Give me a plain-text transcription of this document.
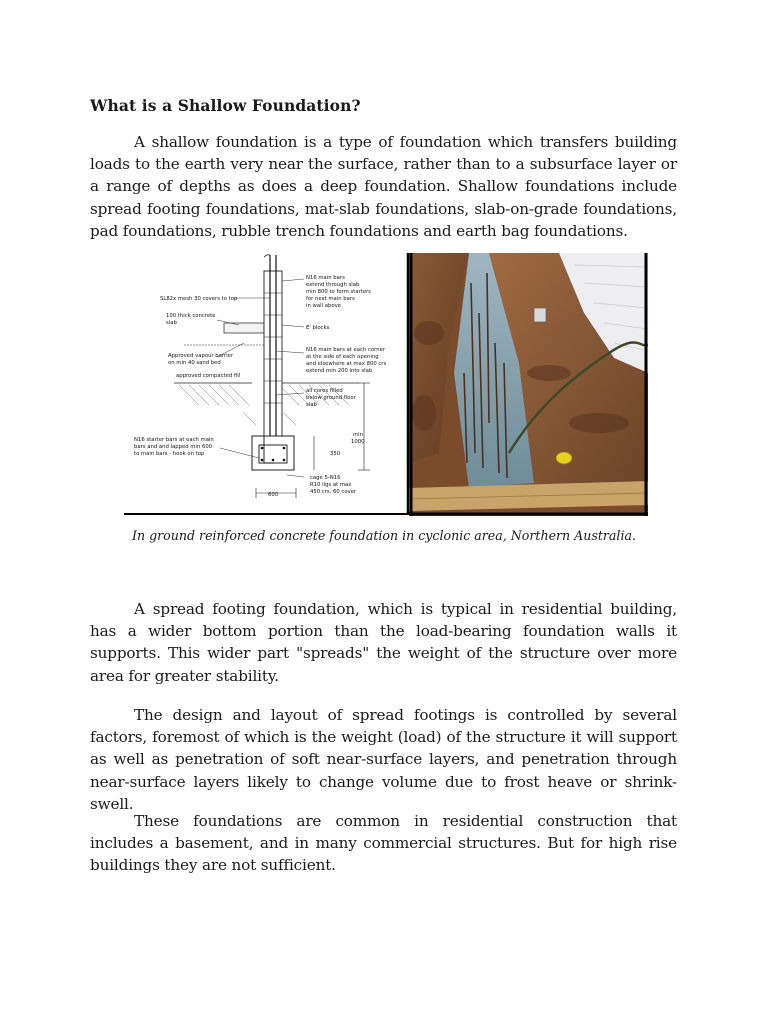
What is a Shallow Foundation?

A shallow foundation is a type of foundation which transfers building loads to the earth very near the surface, rather than to a subsurface layer or a range of depths as does a deep foundation. Shallow foundations include spread footing foundations, mat-slab foundations, slab-on-grade foundations, pad foundations, rubble trench foundations and earth bag foundations.

SL82x mesh 30 covers to top
100 thick concrete
slab
Approved vapour barrier
on min 40 sand bed
approved compacted fill
N16 main bars
extend through slab
min 800 to form starters
for next main bars
in wall above
E' blocks
N16 main bars at each corner
at the side of each opening
and elsewhere at max 800 crs
extend min 200 into slab
all cores filled
below ground floor
slab
N16 starter bars at each main
bars and and lapped min 600
to main bars - hook on top
min
1000
350
cage 5-N16
R10 ligs at max
450 crs. 60 cover
600

In ground reinforced concrete foundation in cyclonic area, Northern Australia.

A spread footing foundation, which is typical in residential building, has a wider bottom portion than the load-bearing foundation walls it supports. This wider part "spreads" the weight of the structure over more area for greater stability.

The design and layout of spread footings is controlled by several factors, foremost of which is the weight (load) of the structure it will support as well as penetration of soft near-surface layers, and penetration through near-surface layers likely to change volume due to frost heave or shrink-swell.

These foundations are common in residential construction that includes a basement, and in many commercial structures. But for high rise buildings they are not sufficient.
